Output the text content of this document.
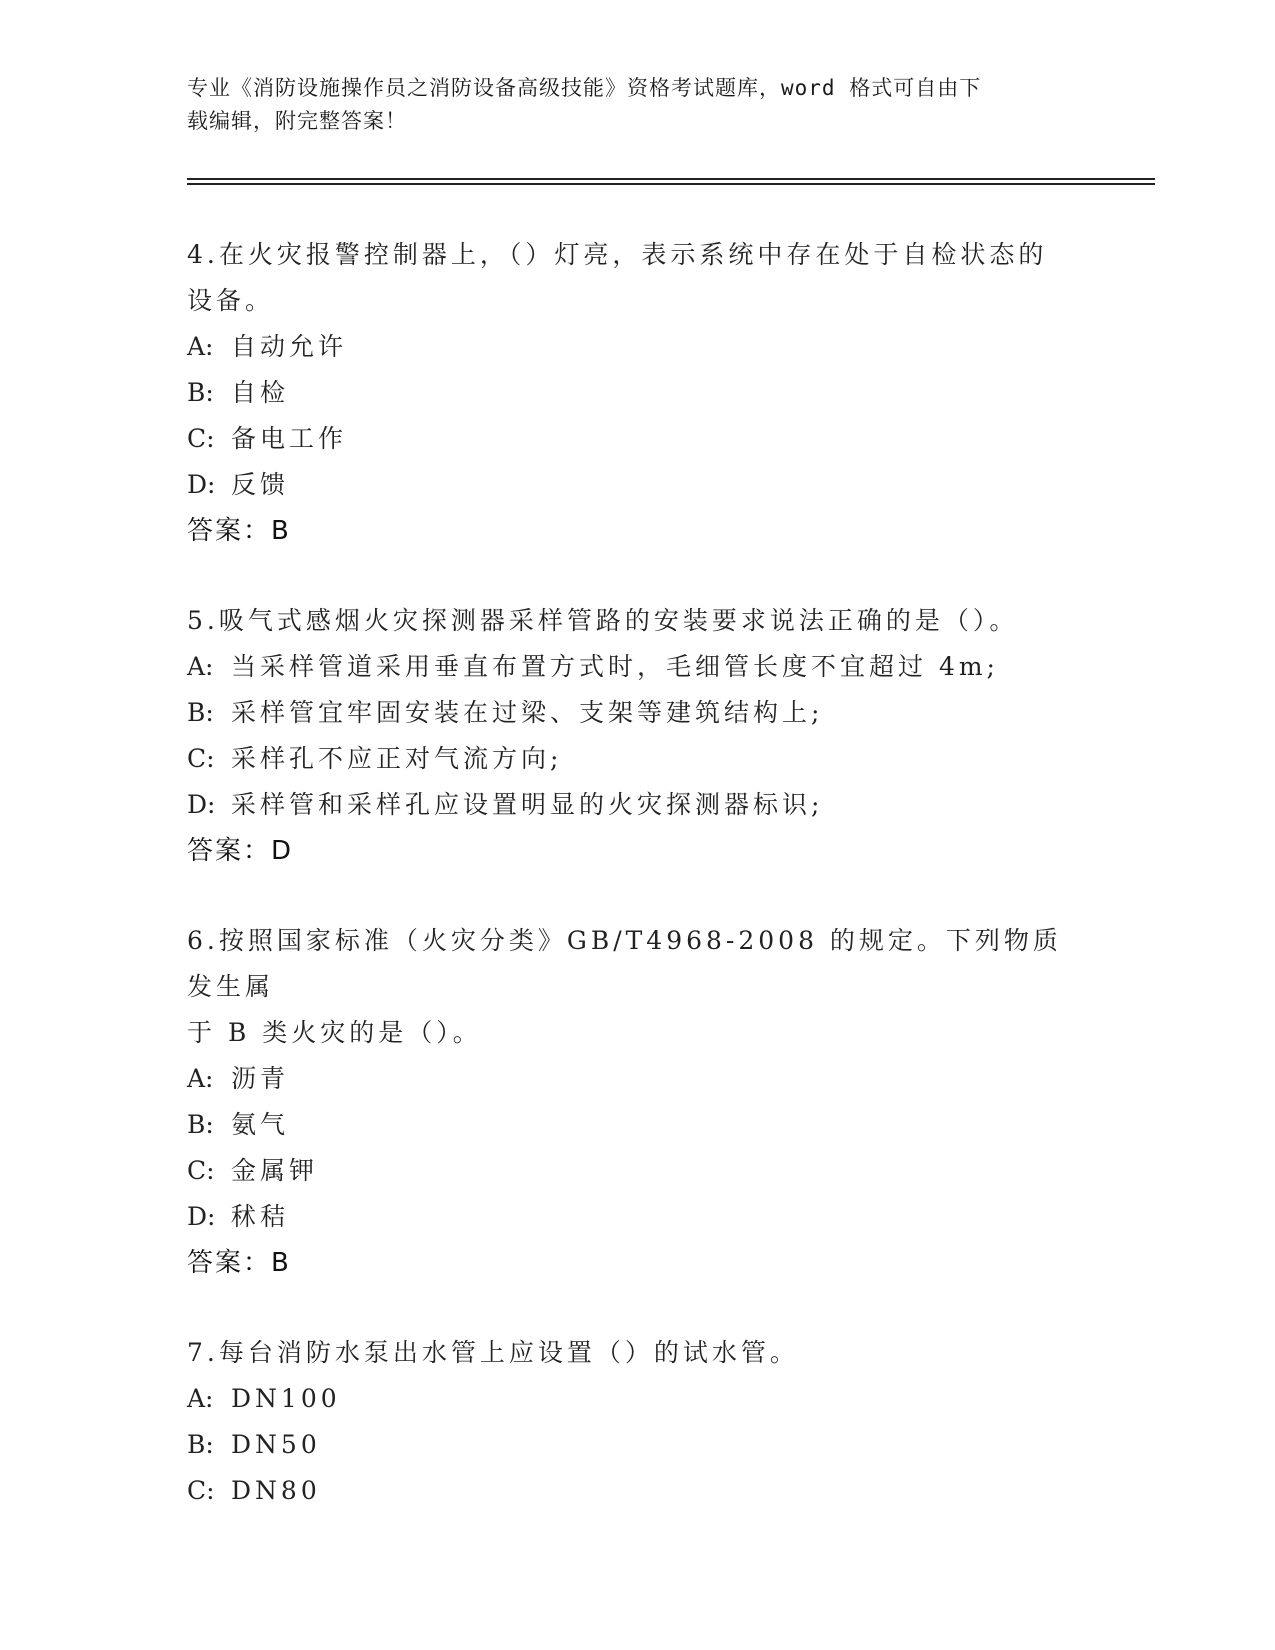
专业《消防设施操作员之消防设备高级技能》资格考试题库，word 格式可自由下
载编辑，附完整答案！
4.在火灾报警控制器上，（）灯亮，表示系统中存在处于自检状态的
设备。
A: 自动允许
B: 自检
C: 备电工作
D: 反馈
答案：B
5.吸气式感烟火灾探测器采样管路的安装要求说法正确的是（）。
A: 当采样管道采用垂直布置方式时，毛细管长度不宜超过 4m;
B: 采样管宜牢固安装在过梁、支架等建筑结构上;
C: 采样孔不应正对气流方向;
D: 采样管和采样孔应设置明显的火灾探测器标识;
答案：D
6.按照国家标准（火灾分类》GB/T4968-2008 的规定。下列物质发生属
于 B 类火灾的是（）。
A: 沥青
B: 氨气
C: 金属钾
D: 秫秸
答案：B
7.每台消防水泵出水管上应设置（）的试水管。
A: DN100
B: DN50
C: DN80
